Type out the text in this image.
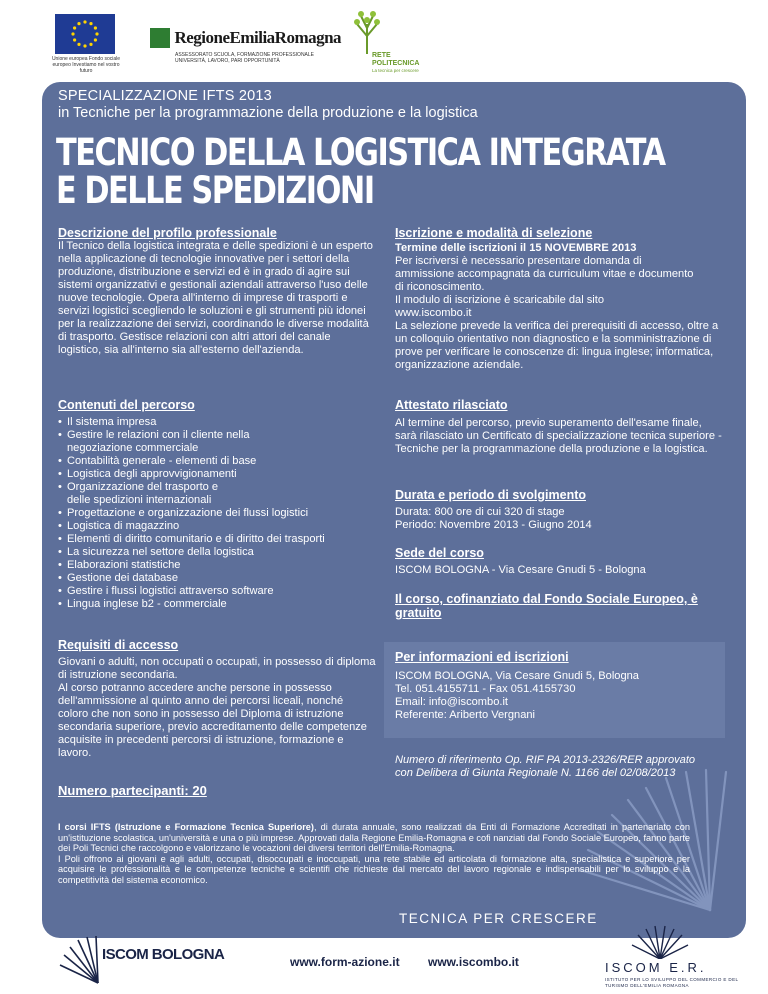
Unione europea Fondo sociale europeo Investiamo nel vostro futuro
RegioneEmiliaRomagna
ASSESSORATO SCUOLA, FORMAZIONE PROFESSIONALE UNIVERSITÀ, LAVORO, PARI OPPORTUNITÀ
RETE POLITECNICA
La tecnica per crescere
SPECIALIZZAZIONE IFTS 2013
in Tecniche per la programmazione della produzione e la logistica
TECNICO DELLA LOGISTICA INTEGRATA
E DELLE SPEDIZIONI
Descrizione del profilo professionale
Il Tecnico della logistica integrata e delle spedizioni è un esperto nella applicazione di tecnologie innovative per i settori della produzione, distribuzione e servizi ed è in grado di agire sui sistemi organizzativi e gestionali aziendali attraverso l'uso delle nuove tecnologie. Opera all'interno di imprese di trasporti e servizi logistici scegliendo le soluzioni e gli strumenti più idonei per la realizzazione dei servizi, coordinando le diverse modalità di trasporto. Gestisce relazioni con altri attori del canale logistico, sia all'interno sia all'esterno dell'azienda.
Contenuti del percorso
• Il sistema impresa
• Gestire le relazioni con il cliente nella negoziazione commerciale
• Contabilità generale - elementi di base
• Logistica degli approvvigionamenti
• Organizzazione del trasporto e delle spedizioni internazionali
• Progettazione e organizzazione dei flussi logistici
• Logistica di magazzino
• Elementi di diritto comunitario e di diritto dei trasporti
• La sicurezza nel settore della logistica
• Elaborazioni statistiche
• Gestione dei database
• Gestire i flussi logistici attraverso software
• Lingua inglese b2 - commerciale
Requisiti di accesso
Giovani o adulti, non occupati o occupati, in possesso di diploma di istruzione secondaria.
Al corso potranno accedere anche persone in possesso dell'ammissione al quinto anno dei percorsi liceali, nonché coloro che non sono in possesso del Diploma di istruzione secondaria superiore, previo accreditamento delle competenze acquisite in precedenti percorsi di istruzione, formazione e lavoro.
Numero partecipanti: 20
Iscrizione e modalità di selezione
Termine delle iscrizioni il 15 NOVEMBRE 2013
Per iscriversi è necessario presentare domanda di ammissione accompagnata da curriculum vitae e documento di riconoscimento.
Il modulo di iscrizione è scaricabile dal sito www.iscombo.it
La selezione prevede la verifica dei prerequisiti di accesso, oltre a un colloquio orientativo non diagnostico e la somministrazione di prove per verificare le conoscenze di: lingua inglese; informatica, organizzazione aziendale.
Attestato rilasciato
Al termine del percorso, previo superamento dell'esame finale, sarà rilasciato un Certificato di specializzazione tecnica superiore - Tecniche per la programmazione della produzione e la logistica.
Durata e periodo di svolgimento
Durata: 800 ore di cui 320 di stage
Periodo: Novembre 2013 - Giugno 2014
Sede del corso
ISCOM BOLOGNA - Via Cesare Gnudi 5 - Bologna
Il corso, cofinanziato dal Fondo Sociale Europeo, è gratuito
Per informazioni ed iscrizioni
ISCOM BOLOGNA, Via Cesare Gnudi 5, Bologna
Tel. 051.4155711 - Fax 051.4155730
Email: info@iscombo.it
Referente: Ariberto Vergnani
Numero di riferimento Op. RIF PA 2013-2326/RER approvato con Delibera di Giunta Regionale N. 1166 del 02/08/2013
I corsi IFTS (Istruzione e Formazione Tecnica Superiore), di durata annuale, sono realizzati da Enti di Formazione Accreditati in partenariato con un'istituzione scolastica, un'università e una o più imprese. Approvati dalla Regione Emilia-Romagna e cofi nanziati dal Fondo Sociale Europeo, fanno parte dei Poli Tecnici che raccolgono e valorizzano le vocazioni dei diversi territori dell'Emilia-Romagna.
I Poli offrono ai giovani e agli adulti, occupati, disoccupati e inoccupati, una rete stabile ed articolata di formazione alta, specialistica e superiore per acquisire le professionalità e le competenze tecniche e scientifi che richieste dal mercato del lavoro regionale e indispensabili per lo sviluppo e la competitività del sistema economico.
TECNICA PER CRESCERE
ISCOM BOLOGNA	www.form-azione.it www.iscombo.it	ISCOM E.R.
ISTITUTO PER LO SVILUPPO DEL COMMERCIO E DEL TURISMO DELL'EMILIA ROMAGNA
